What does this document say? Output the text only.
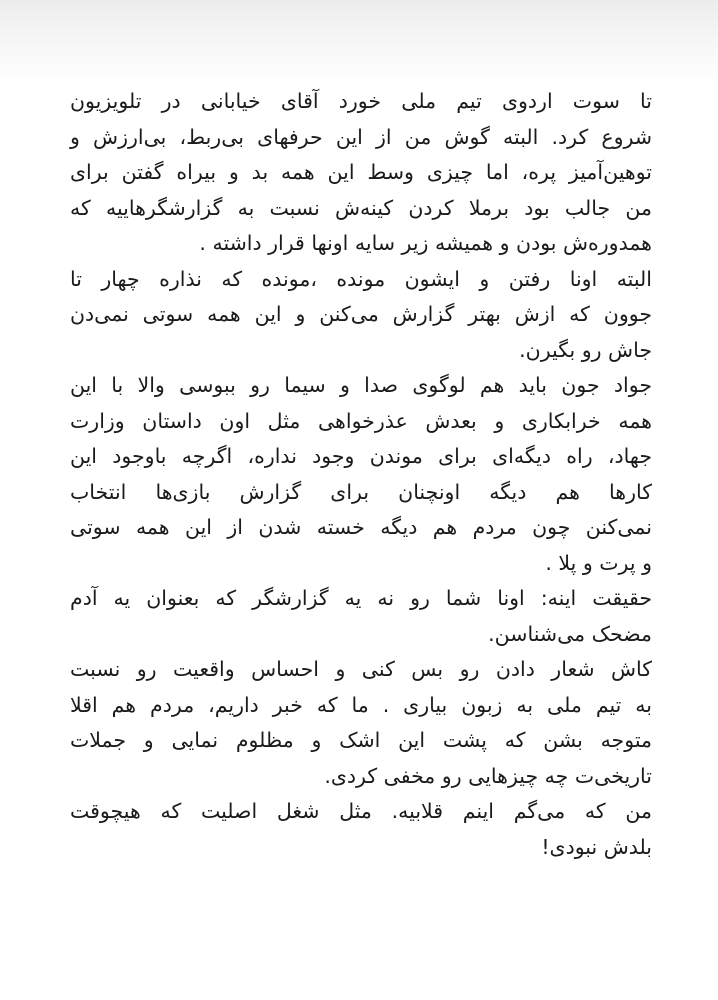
تا سوت اردوی تیم ملی خورد آقای خیابانی در تلویزیون
شروع کرد. البته گوش من از این حرفهای بی‌ربط، بی‌ارزش و
توهین‌آمیز پره، اما چیزی وسط این همه بد و بیراه گفتن برای
من جالب بود برملا کردن کینه‌ش نسبت به گزارشگرهاییه که
همدوره‌ش بودن و همیشه زیر سایه اونها قرار داشته .
البته اونا رفتن و ایشون مونده ،مونده که نذاره چهار تا
جوون که ازش بهتر گزارش می‌کنن و این همه سوتی نمی‌دن
جاش رو بگیرن.
جواد جون باید هم لوگوی صدا و سیما رو ببوسی والا با این
همه خرابکاری و بعدش عذرخواهی مثل اون داستان وزارت
جهاد، راه دیگه‌ای برای موندن وجود نداره، اگرچه باوجود این
کارها هم دیگه اونچنان برای گزارش بازی‌ها انتخاب
نمی‌کنن چون مردم هم دیگه خسته شدن از این همه سوتی
و پرت و پلا .
حقیقت اینه: اونا شما رو نه یه گزارشگر که بعنوان یه آدم
مضحک می‌شناسن.
کاش شعار دادن رو بس کنی و احساس واقعیت رو نسبت
به تیم ملی به زبون بیاری . ما که خبر داریم، مردم هم اقلا
متوجه بشن که پشت این اشک و مظلوم نمایی و جملات
تاریخی‌ت چه چیزهایی رو مخفی کردی.
من که می‌گم اینم قلابیه. مثل شغل اصلیت که هیچوقت
بلدش نبودی!
